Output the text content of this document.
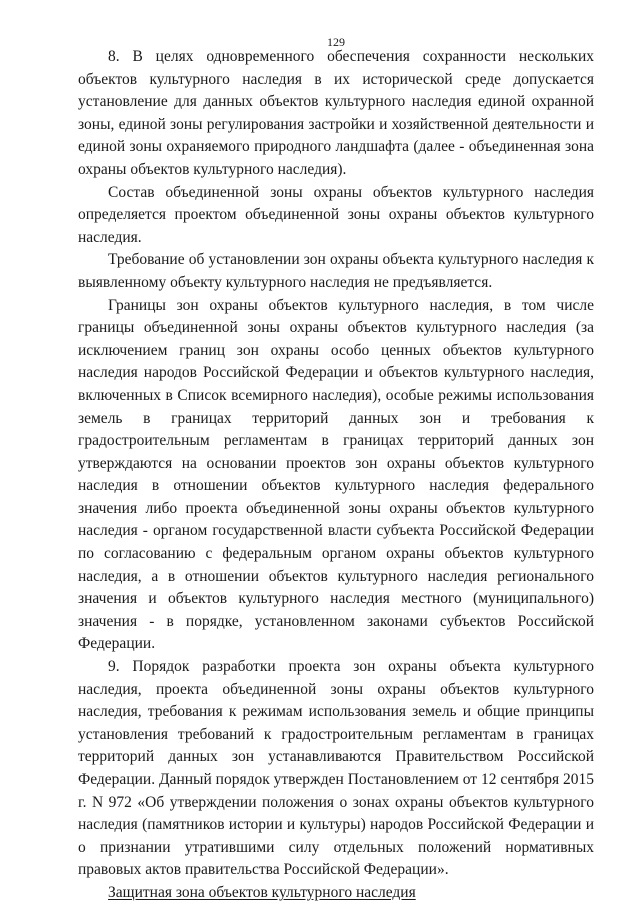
129

8. В целях одновременного обеспечения сохранности нескольких объектов культурного наследия в их исторической среде допускается установление для данных объектов культурного наследия единой охранной зоны, единой зоны регулирования застройки и хозяйственной деятельности и единой зоны охраняемого природного ландшафта (далее - объединенная зона охраны объектов культурного наследия).

Состав объединенной зоны охраны объектов культурного наследия определяется проектом объединенной зоны охраны объектов культурного наследия.

Требование об установлении зон охраны объекта культурного наследия к выявленному объекту культурного наследия не предъявляется.

Границы зон охраны объектов культурного наследия, в том числе границы объединенной зоны охраны объектов культурного наследия (за исключением границ зон охраны особо ценных объектов культурного наследия народов Российской Федерации и объектов культурного наследия, включенных в Список всемирного наследия), особые режимы использования земель в границах территорий данных зон и требования к градостроительным регламентам в границах территорий данных зон утверждаются на основании проектов зон охраны объектов культурного наследия в отношении объектов культурного наследия федерального значения либо проекта объединенной зоны охраны объектов культурного наследия - органом государственной власти субъекта Российской Федерации по согласованию с федеральным органом охраны объектов культурного наследия, а в отношении объектов культурного наследия регионального значения и объектов культурного наследия местного (муниципального) значения - в порядке, установленном законами субъектов Российской Федерации.

9. Порядок разработки проекта зон охраны объекта культурного наследия, проекта объединенной зоны охраны объектов культурного наследия, требования к режимам использования земель и общие принципы установления требований к градостроительным регламентам в границах территорий данных зон устанавливаются Правительством Российской Федерации. Данный порядок утвержден Постановлением от 12 сентября 2015 г. N 972 «Об утверждении положения о зонах охраны объектов культурного наследия (памятников истории и культуры) народов Российской Федерации и о признании утратившими силу отдельных положений нормативных правовых актов правительства Российской Федерации».

Защитная зона объектов культурного наследия
